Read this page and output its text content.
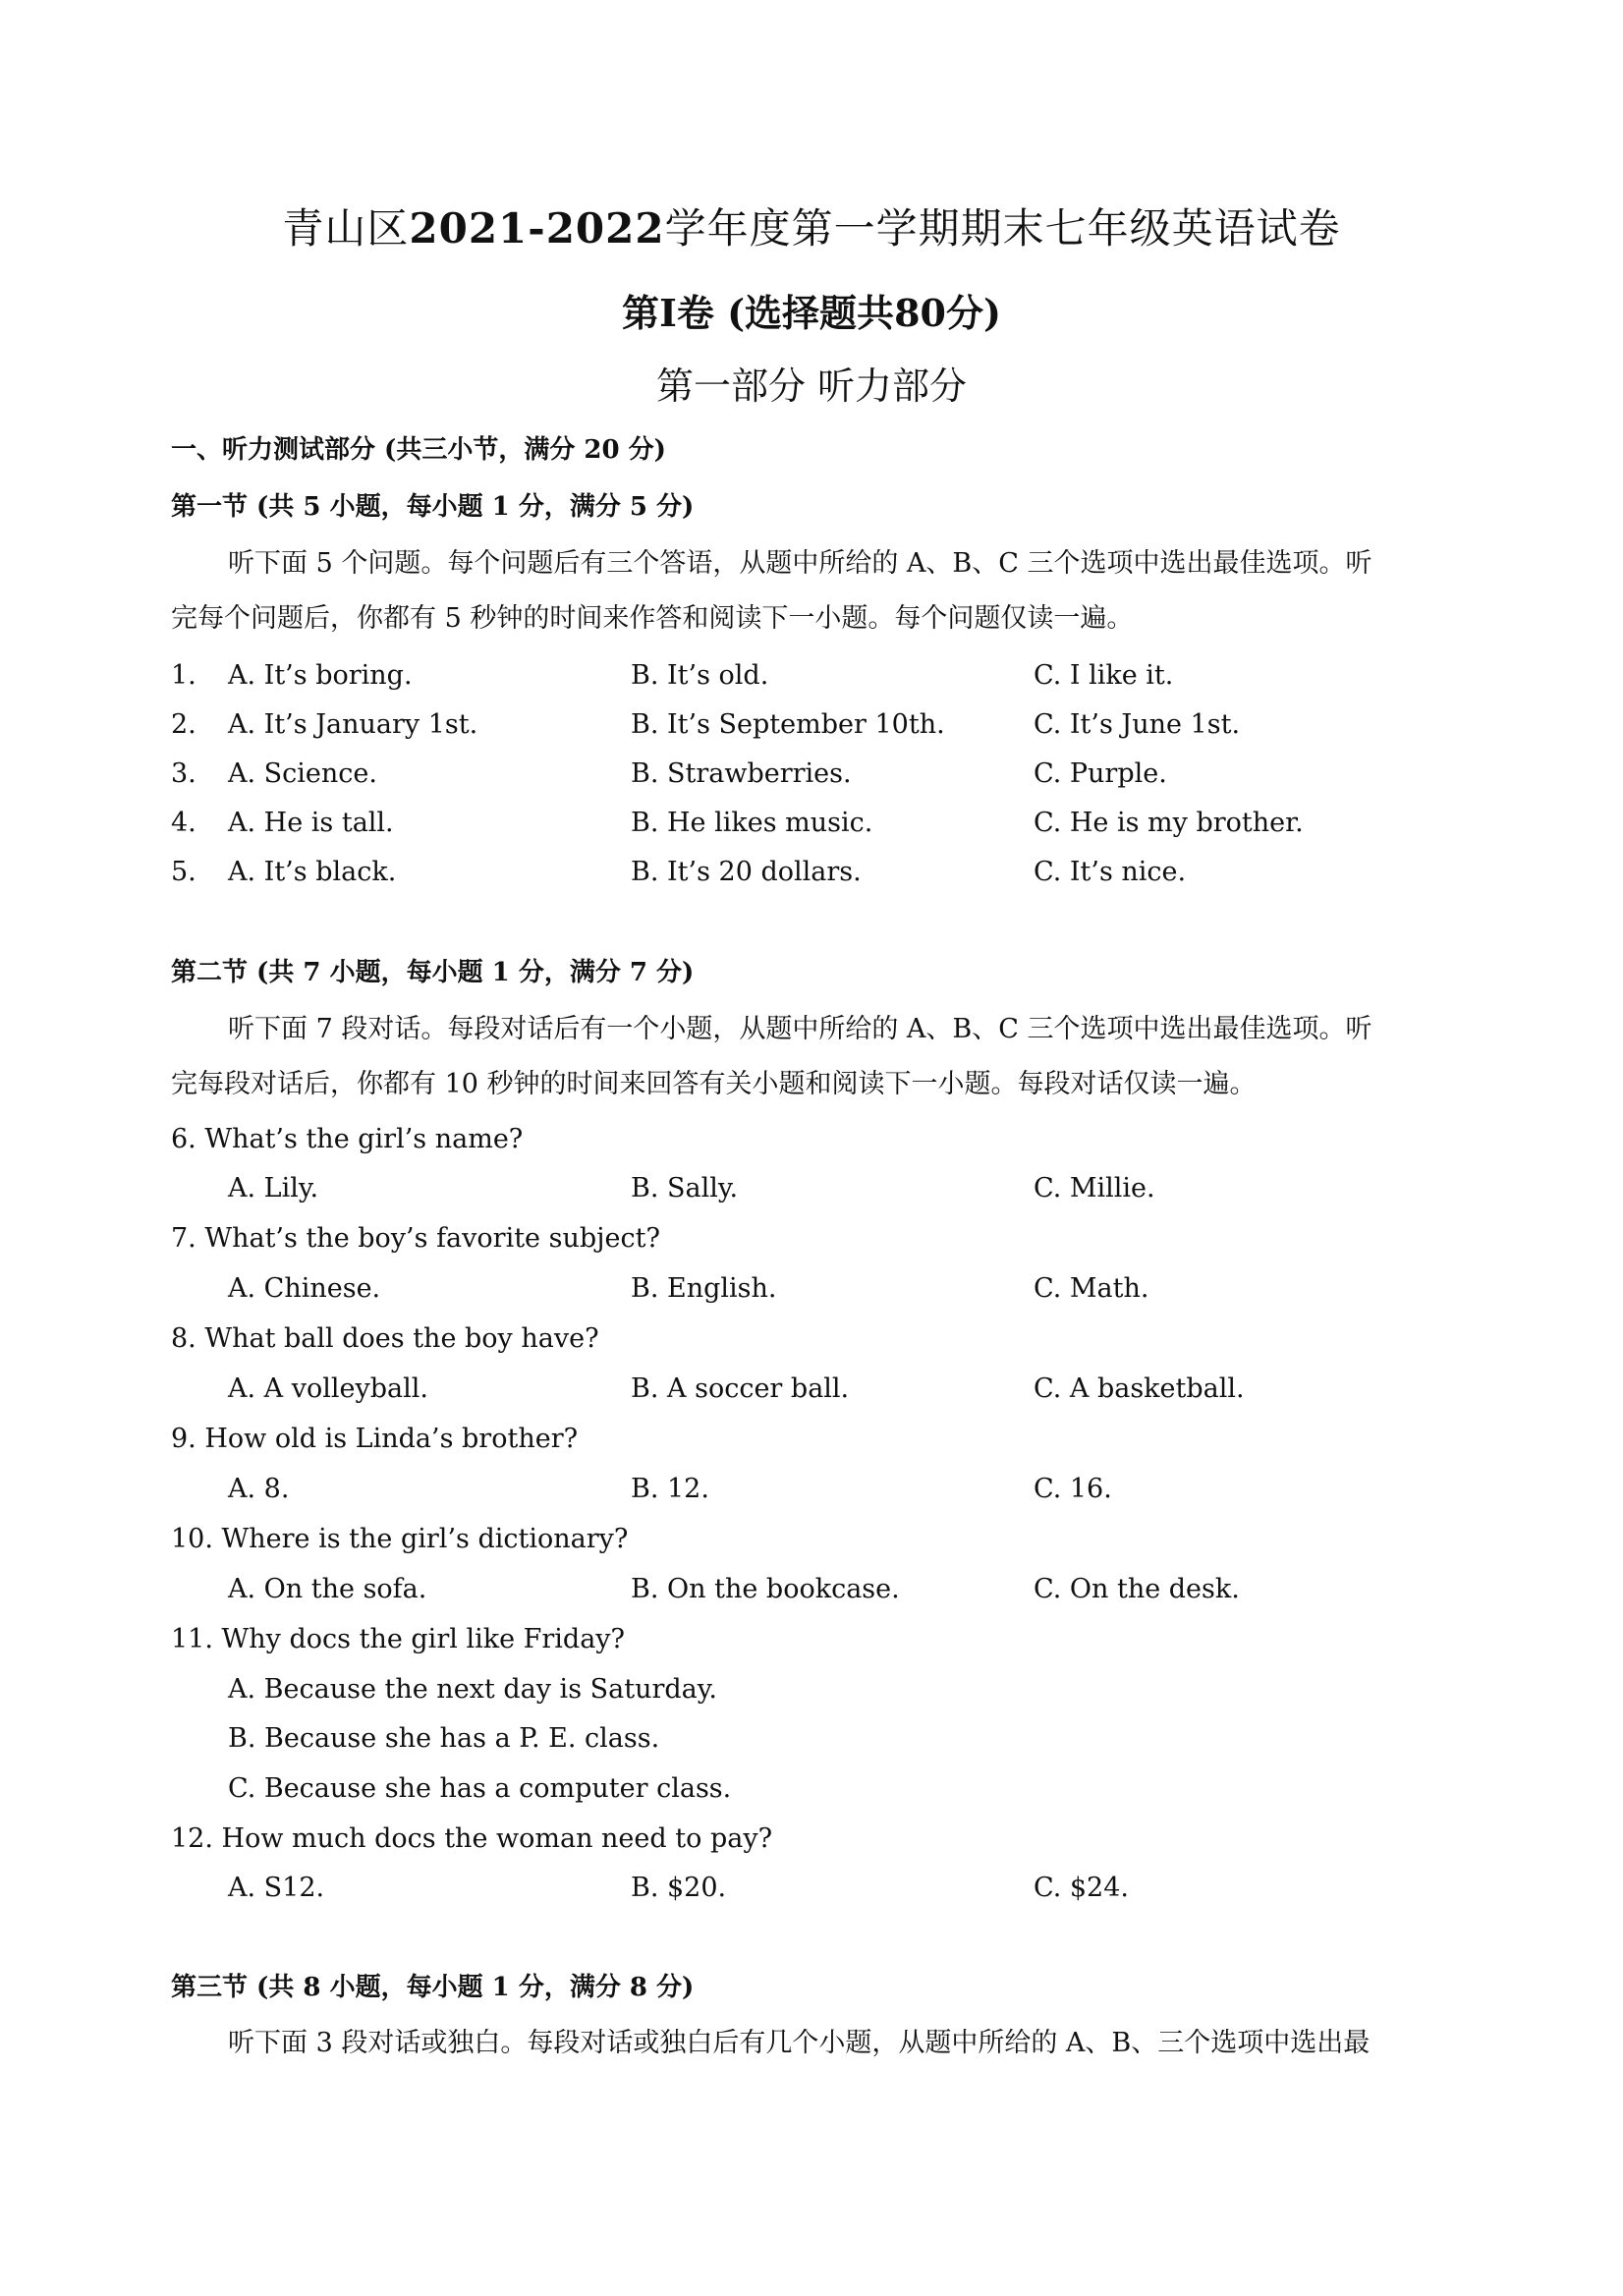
青山区2021-2022学年度第一学期期末七年级英语试卷
第I卷 (选择题共80分)
第一部分 听力部分
一、听力测试部分 (共三小节，满分 20 分)
第一节 (共 5 小题，每小题 1 分，满分 5 分)
听下面 5 个问题。每个问题后有三个答语，从题中所给的 A、B、C 三个选项中选出最佳选项。听
完每个问题后，你都有 5 秒钟的时间来作答和阅读下一小题。每个问题仅读一遍。
1. A. It’s boring.	B. It’s old.	C. I like it.
2. A. It’s January 1st.	B. It’s September 10th.	C. It’s June 1st.
3. A. Science.	B. Strawberries.	C. Purple.
4. A. He is tall.	B. He likes music.	C. He is my brother.
5. A. It’s black.	B. It’s 20 dollars.	C. It’s nice.
第二节 (共 7 小题，每小题 1 分，满分 7 分)
听下面 7 段对话。每段对话后有一个小题，从题中所给的 A、B、C 三个选项中选出最佳选项。听
完每段对话后，你都有 10 秒钟的时间来回答有关小题和阅读下一小题。每段对话仅读一遍。
6. What’s the girl’s name?
A. Lily.	B. Sally.	C. Millie.
7. What’s the boy’s favorite subject?
A. Chinese.	B. English.	C. Math.
8. What ball does the boy have?
A. A volleyball.	B. A soccer ball.	C. A basketball.
9. How old is Linda’s brother?
A. 8.	B. 12.	C. 16.
10. Where is the girl’s dictionary?
A. On the sofa.	B. On the bookcase.	C. On the desk.
11. Why docs the girl like Friday?
A. Because the next day is Saturday.
B. Because she has a P. E. class.
C. Because she has a computer class.
12. How much docs the woman need to pay?
A. S12.	B. $20.	C. $24.
第三节 (共 8 小题，每小题 1 分，满分 8 分)
听下面 3 段对话或独白。每段对话或独白后有几个小题，从题中所给的 A、B、三个选项中选出最
